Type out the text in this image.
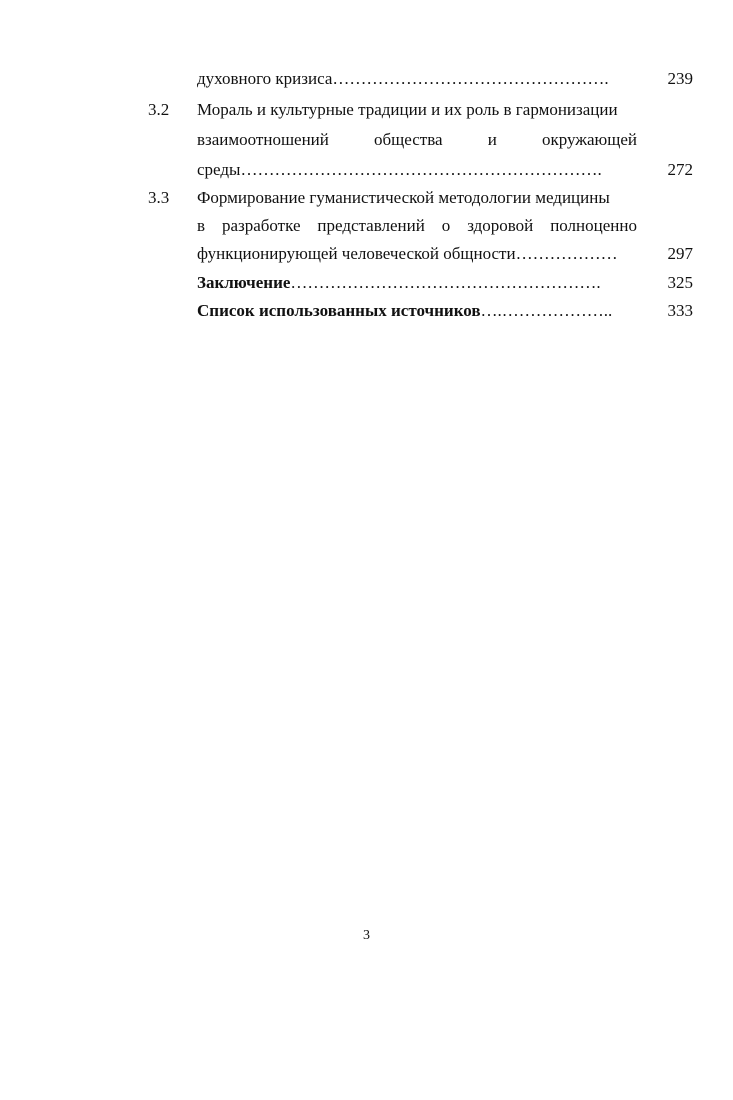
духовного кризиса………………………………………….	239
3.2 Мораль и культурные традиции и их роль в гармонизации
взаимоотношений	общества	и	окружающей
среды……………………………………………………….	272
3.3 Формирование гуманистической методологии медицины
в разработке представлений о здоровой полноценно
функционирующей человеческой общности………………	297
Заключение……………………………………………….	325
Список использованных источников….………………..	333
3
